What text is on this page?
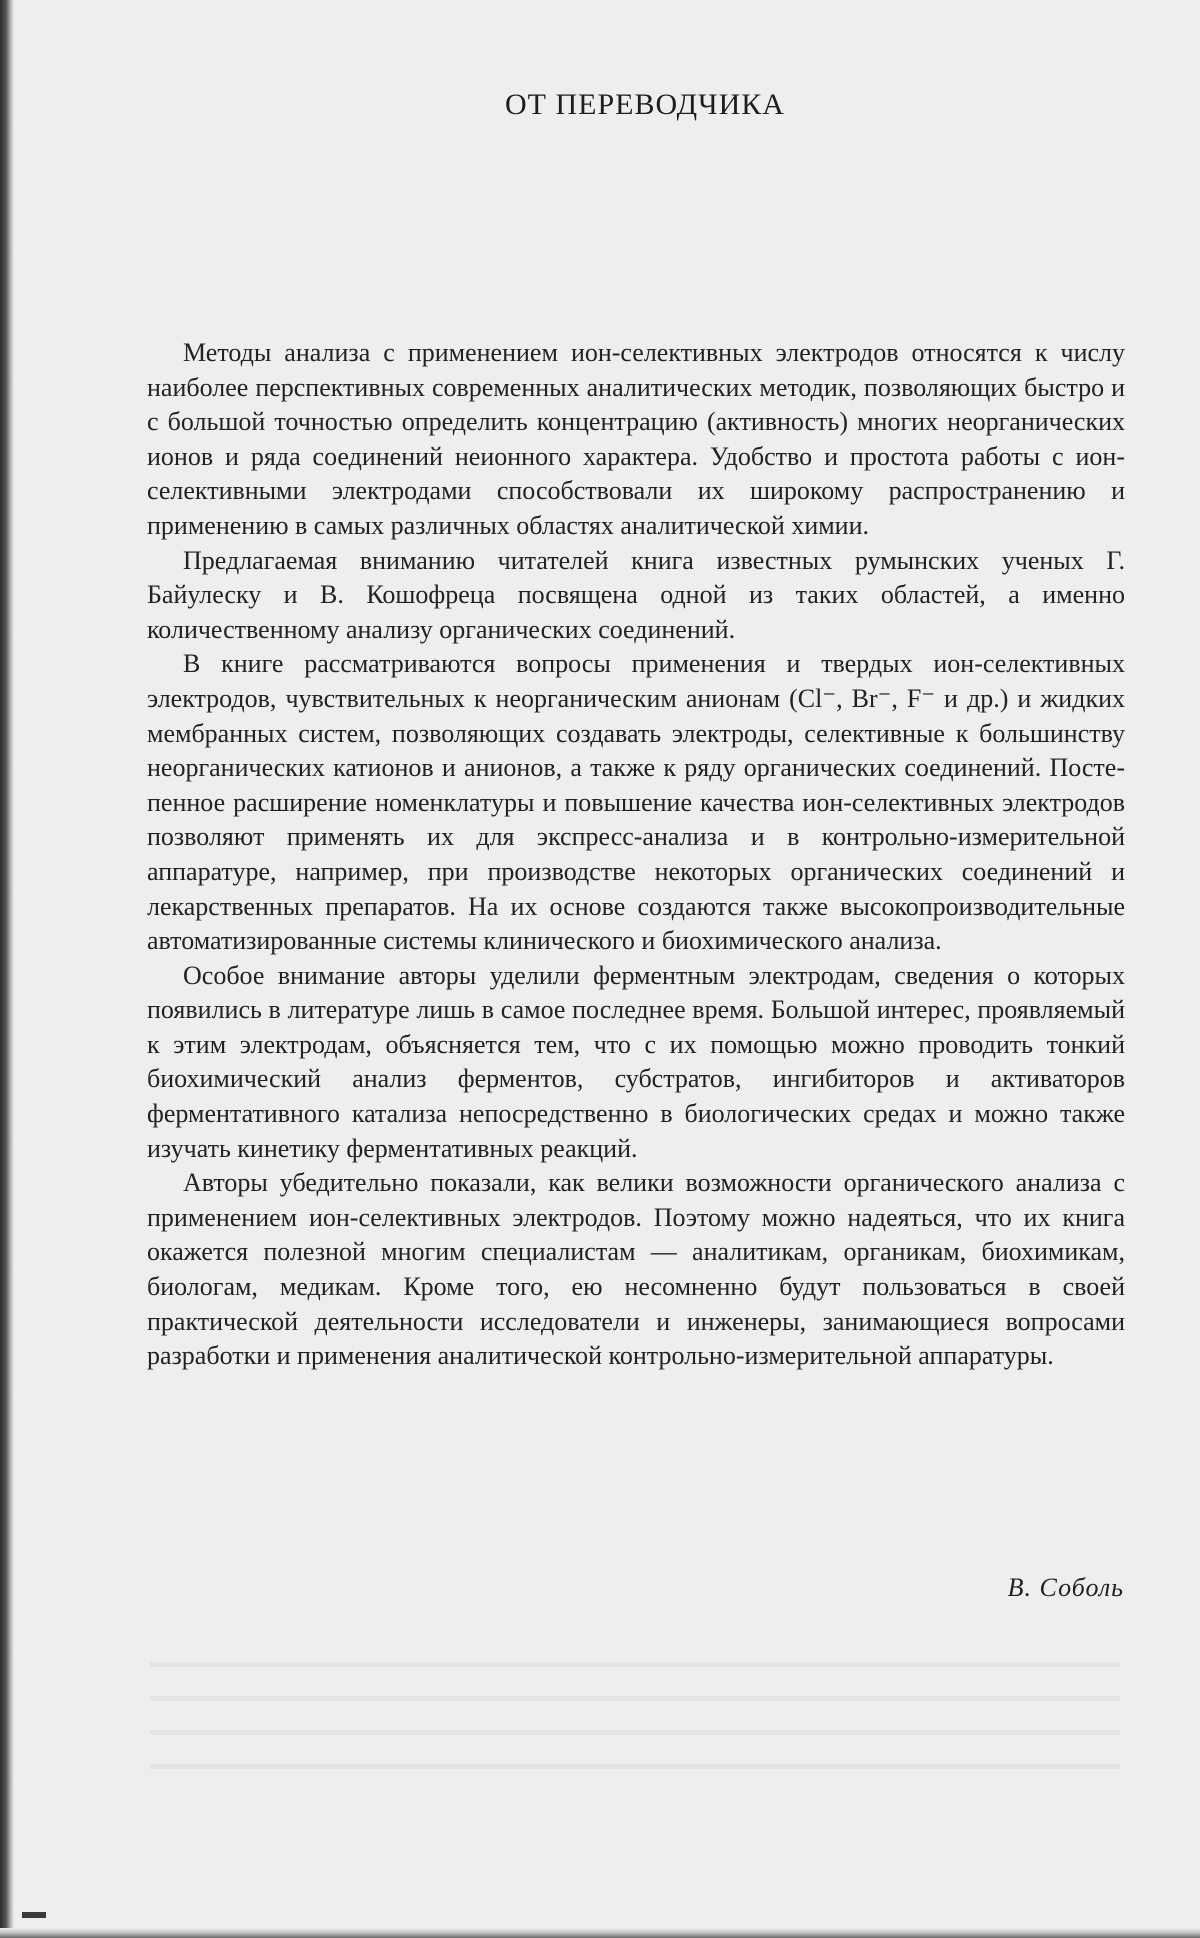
ОТ ПЕРЕВОДЧИКА

Методы анализа с применением ион-селективных электродов относятся к числу наиболее перспективных современных аналитических методик, позволяющих быстро и с большой точностью определить концентрацию (активность) многих неорганических ионов и ряда соединений неионного характера. Удобство и простота работы с ион-селективными электродами способствовали их широкому распространению и применению в самых различных областях аналитической химии.

Предлагаемая вниманию читателей книга известных румынских ученых Г. Байулеску и В. Кошофреца посвящена одной из таких областей, а именно количественному анализу органических соединений.

В книге рассматриваются вопросы применения и твердых ион-селективных электродов, чувствительных к неорганическим анионам (Cl⁻, Br⁻, F⁻ и др.) и жидких мембранных систем, позволяющих создавать электроды, селективные к большинству неорганических катионов и анионов, а также к ряду органических соединений. Постепенное расширение номенклатуры и повышение качества ион-селективных электродов позволяют применять их для экспресс-анализа и в контрольно-измерительной аппаратуре, например, при производстве некоторых органических соединений и лекарственных препаратов. На их основе создаются также высокопроизводительные автоматизированные системы клинического и биохимического анализа.

Особое внимание авторы уделили ферментным электродам, сведения о которых появились в литературе лишь в самое последнее время. Большой интерес, проявляемый к этим электродам, объясняется тем, что с их помощью можно проводить тонкий биохимический анализ ферментов, субстратов, ингибиторов и активаторов ферментативного катализа непосредственно в биологических средах и можно также изучать кинетику ферментативных реакций.

Авторы убедительно показали, как велики возможности органического анализа с применением ион-селективных электродов. Поэтому можно надеяться, что их книга окажется полезной многим специалистам — аналитикам, органикам, биохимикам, биологам, медикам. Кроме того, ею несомненно будут пользоваться в своей практической деятельности исследователи и инженеры, занимающиеся вопросами разработки и применения аналитической контрольно-измерительной аппаратуры.

В. Соболь
